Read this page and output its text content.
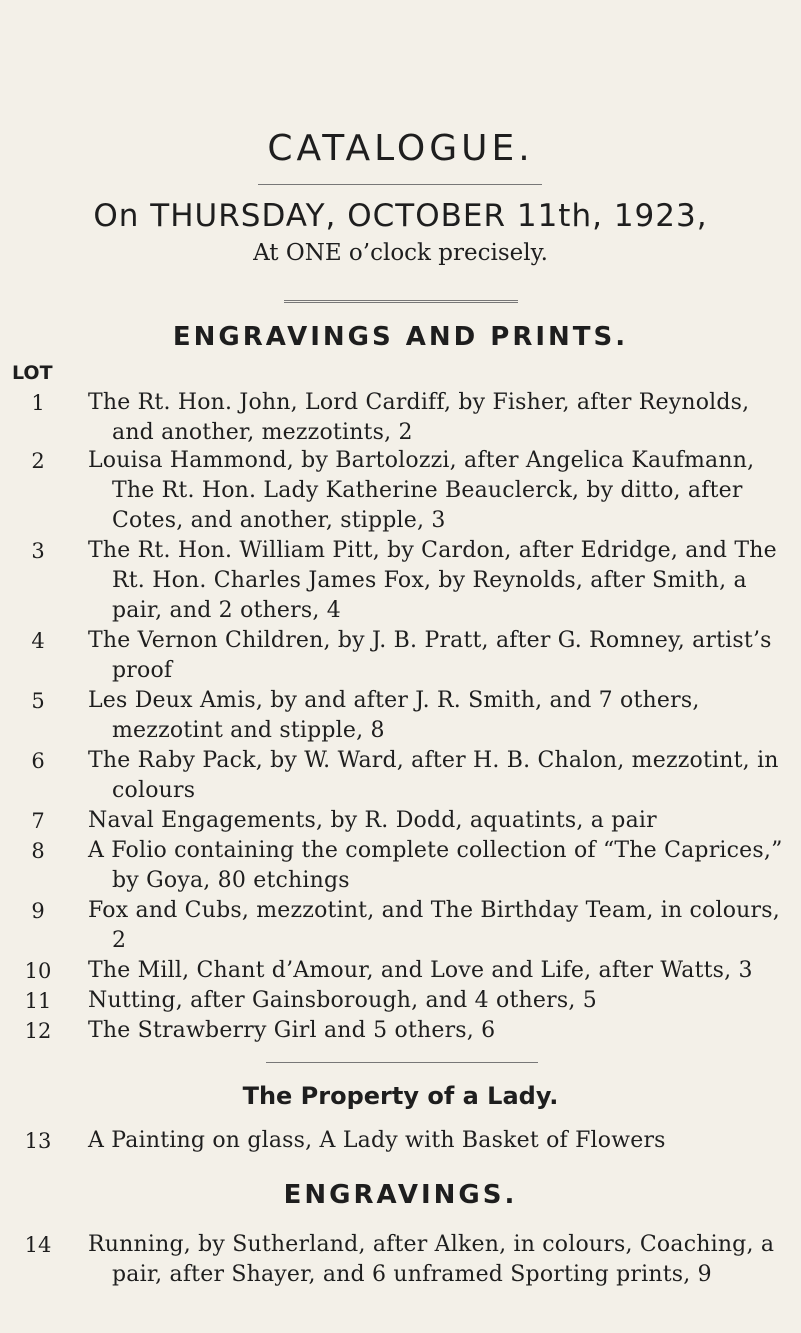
CATALOGUE.
On THURSDAY, OCTOBER 11th, 1923,
At ONE o’clock precisely.
ENGRAVINGS AND PRINTS.
LOT
1	The Rt. Hon. John, Lord Cardiff, by Fisher, after Reynolds, and another, mezzotints, 2
2	Louisa Hammond, by Bartolozzi, after Angelica Kaufmann, The Rt. Hon. Lady Katherine Beauclerck, by ditto, after Cotes, and another, stipple, 3
3	The Rt. Hon. William Pitt, by Cardon, after Edridge, and The Rt. Hon. Charles James Fox, by Reynolds, after Smith, a pair, and 2 others, 4
4	The Vernon Children, by J. B. Pratt, after G. Romney, artist’s proof
5	Les Deux Amis, by and after J. R. Smith, and 7 others, mezzotint and stipple, 8
6	The Raby Pack, by W. Ward, after H. B. Chalon, mezzotint, in colours
7	Naval Engagements, by R. Dodd, aquatints, a pair
8	A Folio containing the complete collection of “The Caprices,” by Goya, 80 etchings
9	Fox and Cubs, mezzotint, and The Birthday Team, in colours, 2
10	The Mill, Chant d’Amour, and Love and Life, after Watts, 3
11	Nutting, after Gainsborough, and 4 others, 5
12	The Strawberry Girl and 5 others, 6
The Property of a Lady.
13	A Painting on glass, A Lady with Basket of Flowers
ENGRAVINGS.
14	Running, by Sutherland, after Alken, in colours, Coaching, a pair, after Shayer, and 6 unframed Sporting prints, 9
